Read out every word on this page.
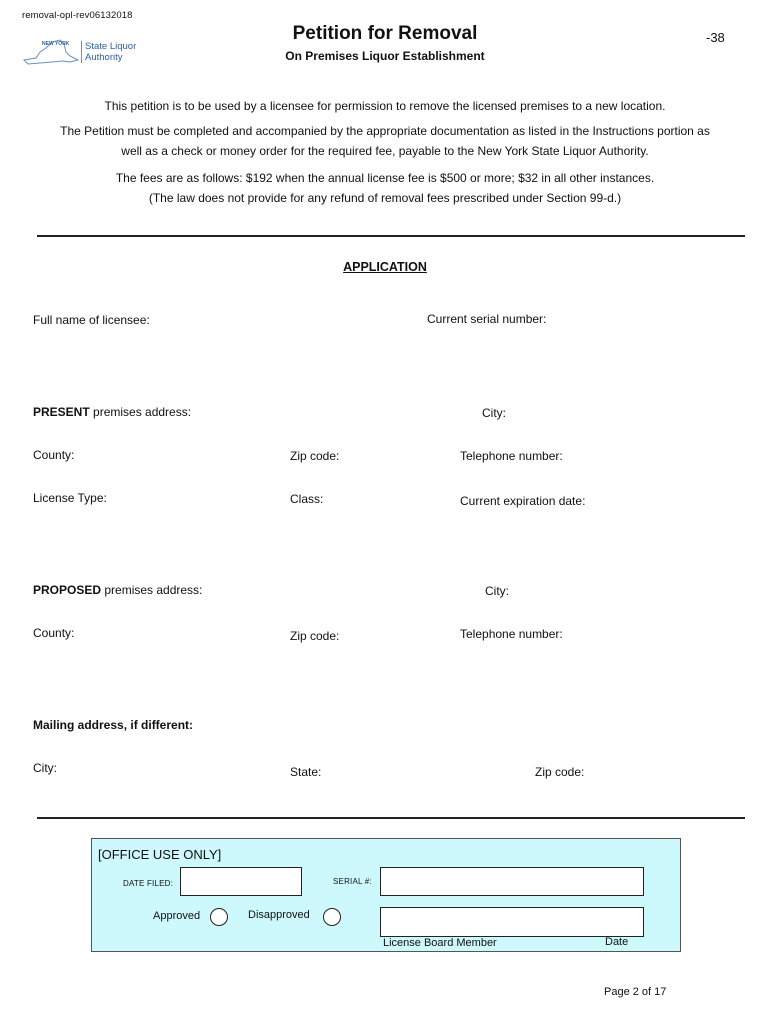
removal-opl-rev06132018
NEW YORK State Liquor
Authority
Petition for Removal
On Premises Liquor Establishment
-38
This petition is to be used by a licensee for permission to remove the licensed premises to a new location.
The Petition must be completed and accompanied by the appropriate documentation as listed in the Instructions portion as
well as a check or money order for the required fee, payable to the New York State Liquor Authority.
The fees are as follows: $192 when the annual license fee is $500 or more; $32 in all other instances.
(The law does not provide for any refund of removal fees prescribed under Section 99-d.)
APPLICATION
Full name of licensee:	Current serial number:
PRESENT premises address:	City:
County:	Zip code:	Telephone number:
License Type:	Class:	Current expiration date:
PROPOSED premises address:	City:
County:	Zip code:	Telephone number:
Mailing address, if different:
City:	State:	Zip code:
[OFFICE USE ONLY]
DATE FILED:	SERIAL #:
Approved	Disapproved
License Board Member	Date
Page 2 of 17
